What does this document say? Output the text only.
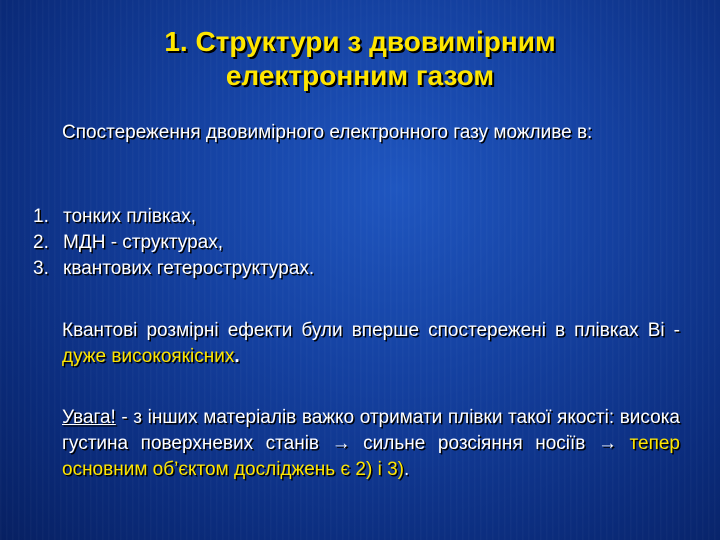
1. Структури з двовимірним
електронним газом
Спостереження двовимірного електронного газу можливе в:
1. тонких плівках,
2. МДН - структурах,
3. квантових гетероструктурах.
Квантові розмірні ефекти були вперше спостережені в плівках Ві - дуже високоякісних.
Увага! - з інших матеріалів важко отримати плівки такої якості: висока густина поверхневих станів → сильне розсіяння носіїв → тепер основним об’єктом досліджень є 2) і 3).
